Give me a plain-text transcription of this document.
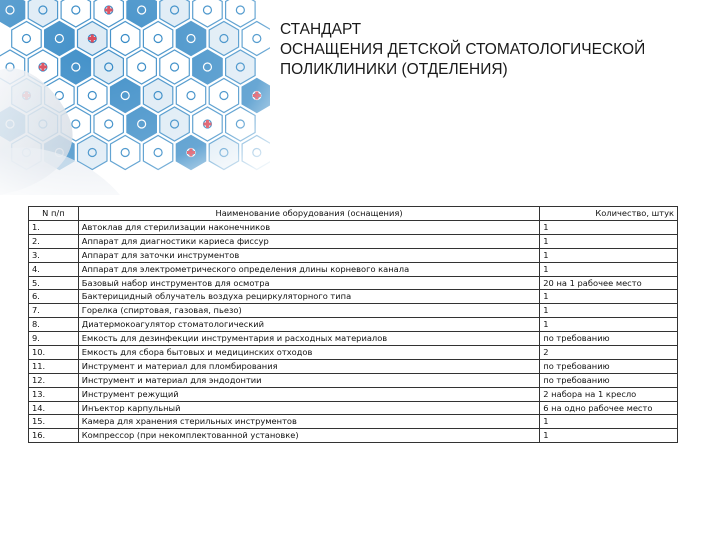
СТАНДАРТ
ОСНАЩЕНИЯ ДЕТСКОЙ СТОМАТОЛОГИЧЕСКОЙ
ПОЛИКЛИНИКИ (ОТДЕЛЕНИЯ)
N п/п	Наименование оборудования (оснащения)	Количество, штук
1.	Автоклав для стерилизации наконечников	1
2.	Аппарат для диагностики кариеса фиссур	1
3.	Аппарат для заточки инструментов	1
4.	Аппарат для электрометрического определения длины корневого канала	1
5.	Базовый набор инструментов для осмотра	20 на 1 рабочее место
6.	Бактерицидный облучатель воздуха рециркуляторного типа	1
7.	Горелка (спиртовая, газовая, пьезо)	1
8.	Диатермокоагулятор стоматологический	1
9.	Емкость для дезинфекции инструментария и расходных материалов	по требованию
10.	Емкость для сбора бытовых и медицинских отходов	2
11.	Инструмент и материал для пломбирования	по требованию
12.	Инструмент и материал для эндодонтии	по требованию
13.	Инструмент режущий	2 набора на 1 кресло
14.	Инъектор карпульный	6 на одно рабочее место
15.	Камера для хранения стерильных инструментов	1
16.	Компрессор (при некомплектованной установке)	1
